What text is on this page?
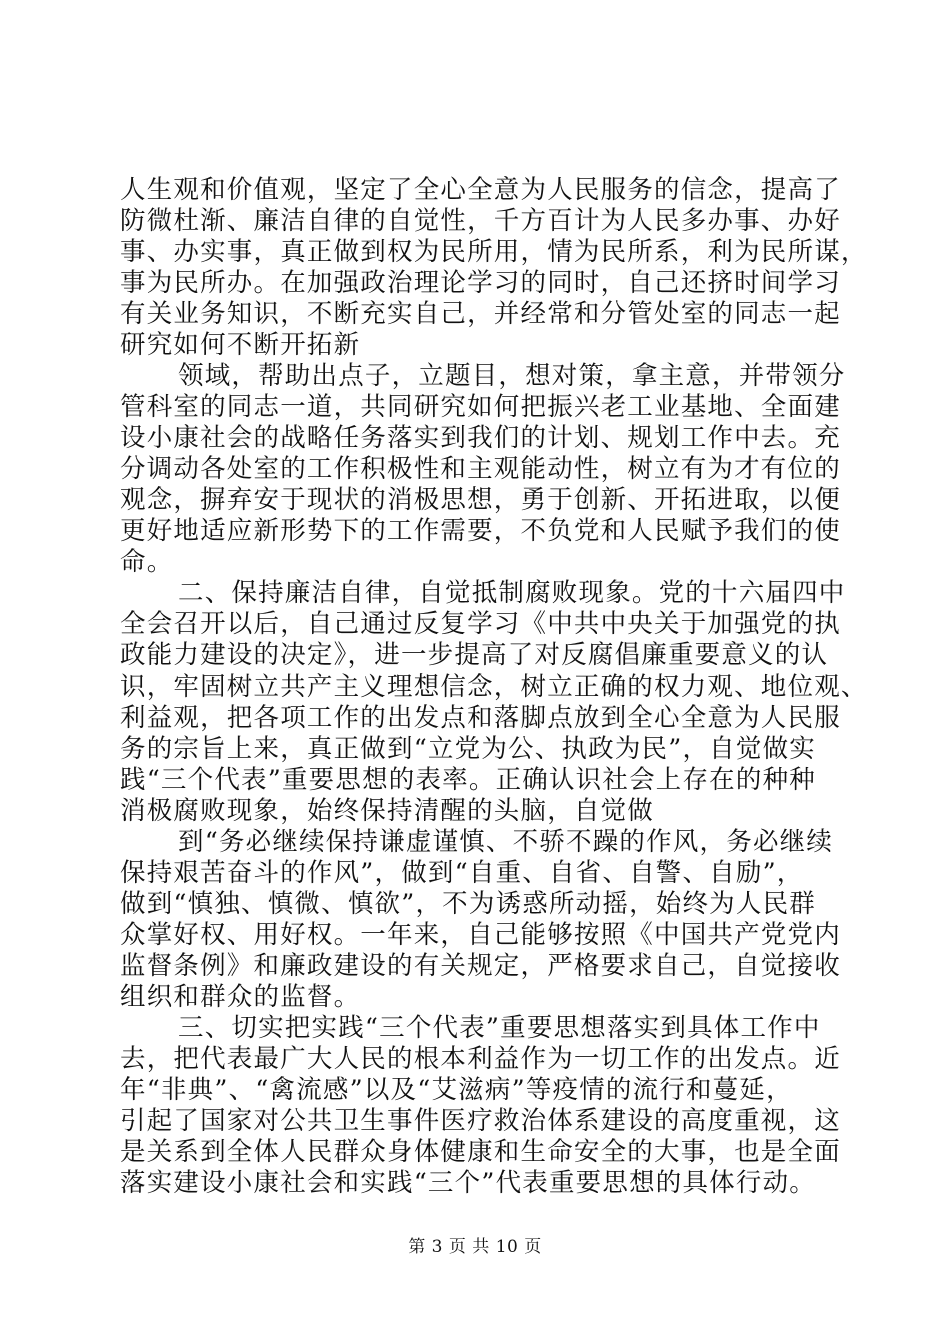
人生观和价值观，坚定了全心全意为人民服务的信念，提高了
防微杜渐、廉洁自律的自觉性，千方百计为人民多办事、办好
事、办实事，真正做到权为民所用，情为民所系，利为民所谋，
事为民所办。在加强政治理论学习的同时，自己还挤时间学习
有关业务知识，不断充实自己，并经常和分管处室的同志一起
研究如何不断开拓新
领域，帮助出点子，立题目，想对策，拿主意，并带领分
管科室的同志一道，共同研究如何把振兴老工业基地、全面建
设小康社会的战略任务落实到我们的计划、规划工作中去。充
分调动各处室的工作积极性和主观能动性，树立有为才有位的
观念，摒弃安于现状的消极思想，勇于创新、开拓进取，以便
更好地适应新形势下的工作需要，不负党和人民赋予我们的使
命。
二、保持廉洁自律，自觉抵制腐败现象。党的十六届四中
全会召开以后，自己通过反复学习《中共中央关于加强党的执
政能力建设的决定》，进一步提高了对反腐倡廉重要意义的认
识，牢固树立共产主义理想信念，树立正确的权力观、地位观、
利益观，把各项工作的出发点和落脚点放到全心全意为人民服
务的宗旨上来，真正做到“立党为公、执政为民”，自觉做实
践“三个代表”重要思想的表率。正确认识社会上存在的种种
消极腐败现象，始终保持清醒的头脑，自觉做
到“务必继续保持谦虚谨慎、不骄不躁的作风，务必继续
保持艰苦奋斗的作风”，做到“自重、自省、自警、自励”，
做到“慎独、慎微、慎欲”，不为诱惑所动摇，始终为人民群
众掌好权、用好权。一年来，自己能够按照《中国共产党党内
监督条例》和廉政建设的有关规定，严格要求自己，自觉接收
组织和群众的监督。
三、切实把实践“三个代表”重要思想落实到具体工作中
去，把代表最广大人民的根本利益作为一切工作的出发点。近
年“非典”、“禽流感”以及“艾滋病”等疫情的流行和蔓延，
引起了国家对公共卫生事件医疗救治体系建设的高度重视，这
是关系到全体人民群众身体健康和生命安全的大事，也是全面
落实建设小康社会和实践“三个”代表重要思想的具体行动。
第 3 页 共 10 页
